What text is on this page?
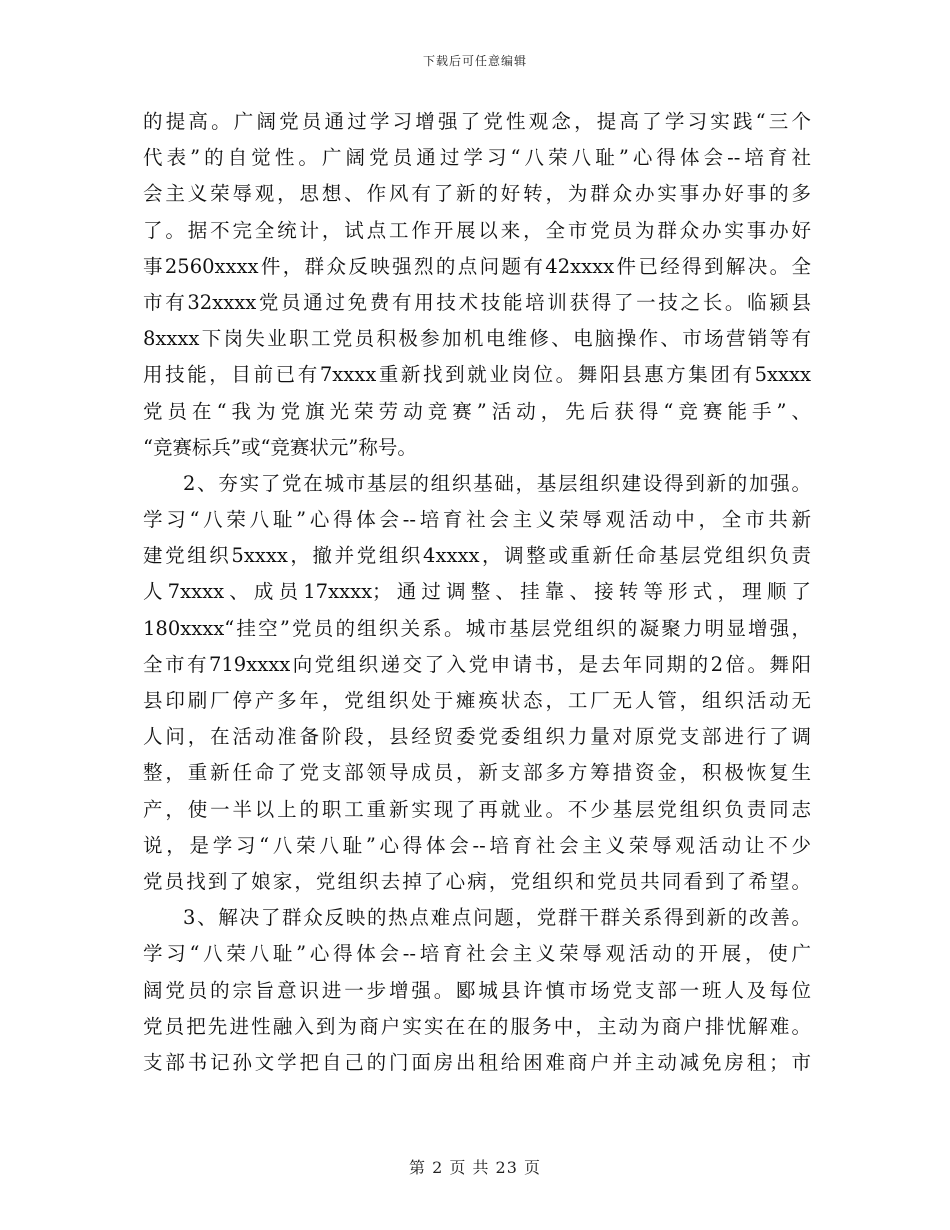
下载后可任意编辑
的提高。广阔党员通过学习增强了党性观念，提高了学习实践“三个
代表”的自觉性。广阔党员通过学习“八荣八耻”心得体会--培育社
会主义荣辱观，思想、作风有了新的好转，为群众办实事办好事的多
了。据不完全统计，试点工作开展以来，全市党员为群众办实事办好
事2560xxxx件，群众反映强烈的点问题有42xxxx件已经得到解决。全
市有32xxxx党员通过免费有用技术技能培训获得了一技之长。临颍县
8xxxx下岗失业职工党员积极参加机电维修、电脑操作、市场营销等有
用技能，目前已有7xxxx重新找到就业岗位。舞阳县惠方集团有5xxxx
党员在“我为党旗光荣劳动竞赛”活动，先后获得“竞赛能手”、
“竞赛标兵”或“竞赛状元”称号。
2、夯实了党在城市基层的组织基础，基层组织建设得到新的加强。
学习“八荣八耻”心得体会--培育社会主义荣辱观活动中，全市共新
建党组织5xxxx，撤并党组织4xxxx，调整或重新任命基层党组织负责
人7xxxx、成员17xxxx；通过调整、挂靠、接转等形式，理顺了
180xxxx“挂空”党员的组织关系。城市基层党组织的凝聚力明显增强，
全市有719xxxx向党组织递交了入党申请书，是去年同期的2倍。舞阳
县印刷厂停产多年，党组织处于瘫痪状态，工厂无人管，组织活动无
人问，在活动准备阶段，县经贸委党委组织力量对原党支部进行了调
整，重新任命了党支部领导成员，新支部多方筹措资金，积极恢复生
产，使一半以上的职工重新实现了再就业。不少基层党组织负责同志
说，是学习“八荣八耻”心得体会--培育社会主义荣辱观活动让不少
党员找到了娘家，党组织去掉了心病，党组织和党员共同看到了希望。
3、解决了群众反映的热点难点问题，党群干群关系得到新的改善。
学习“八荣八耻”心得体会--培育社会主义荣辱观活动的开展，使广
阔党员的宗旨意识进一步增强。郾城县许慎市场党支部一班人及每位
党员把先进性融入到为商户实实在在的服务中，主动为商户排忧解难。
支部书记孙文学把自己的门面房出租给困难商户并主动减免房租；市
第 2 页 共 23 页
